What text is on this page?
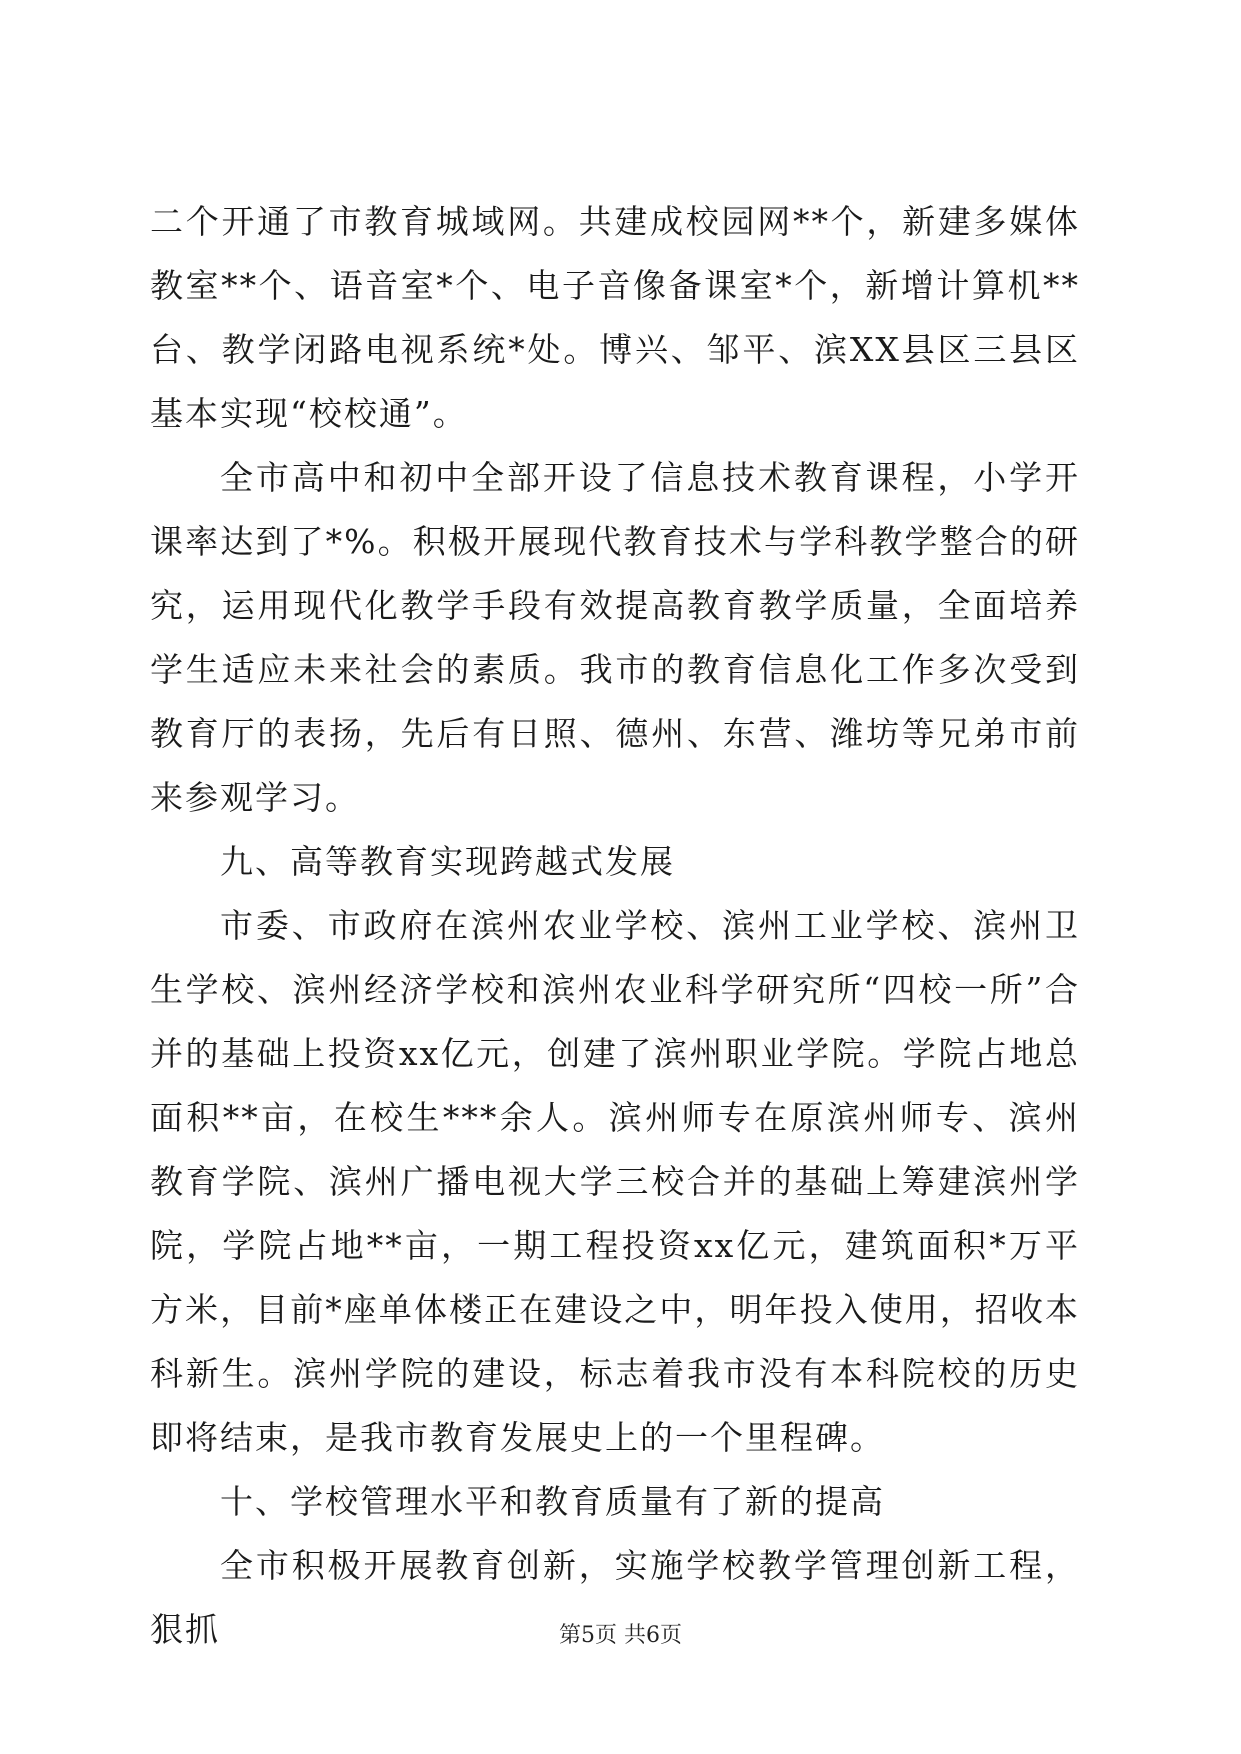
二个开通了市教育城域网。共建成校园网**个，新建多媒体教室**个、语音室*个、电子音像备课室*个，新增计算机**台、教学闭路电视系统*处。博兴、邹平、滨XX县区三县区基本实现“校校通”。

全市高中和初中全部开设了信息技术教育课程，小学开课率达到了*%。积极开展现代教育技术与学科教学整合的研究，运用现代化教学手段有效提高教育教学质量，全面培养学生适应未来社会的素质。我市的教育信息化工作多次受到教育厅的表扬，先后有日照、德州、东营、潍坊等兄弟市前来参观学习。

九、高等教育实现跨越式发展

市委、市政府在滨州农业学校、滨州工业学校、滨州卫生学校、滨州经济学校和滨州农业科学研究所“四校一所”合并的基础上投资xx亿元，创建了滨州职业学院。学院占地总面积**亩，在校生***余人。滨州师专在原滨州师专、滨州教育学院、滨州广播电视大学三校合并的基础上筹建滨州学院，学院占地**亩，一期工程投资xx亿元，建筑面积*万平方米，目前*座单体楼正在建设之中，明年投入使用，招收本科新生。滨州学院的建设，标志着我市没有本科院校的历史即将结束，是我市教育发展史上的一个里程碑。

十、学校管理水平和教育质量有了新的提高

全市积极开展教育创新，实施学校教学管理创新工程，狠抓	第5页 共6页
